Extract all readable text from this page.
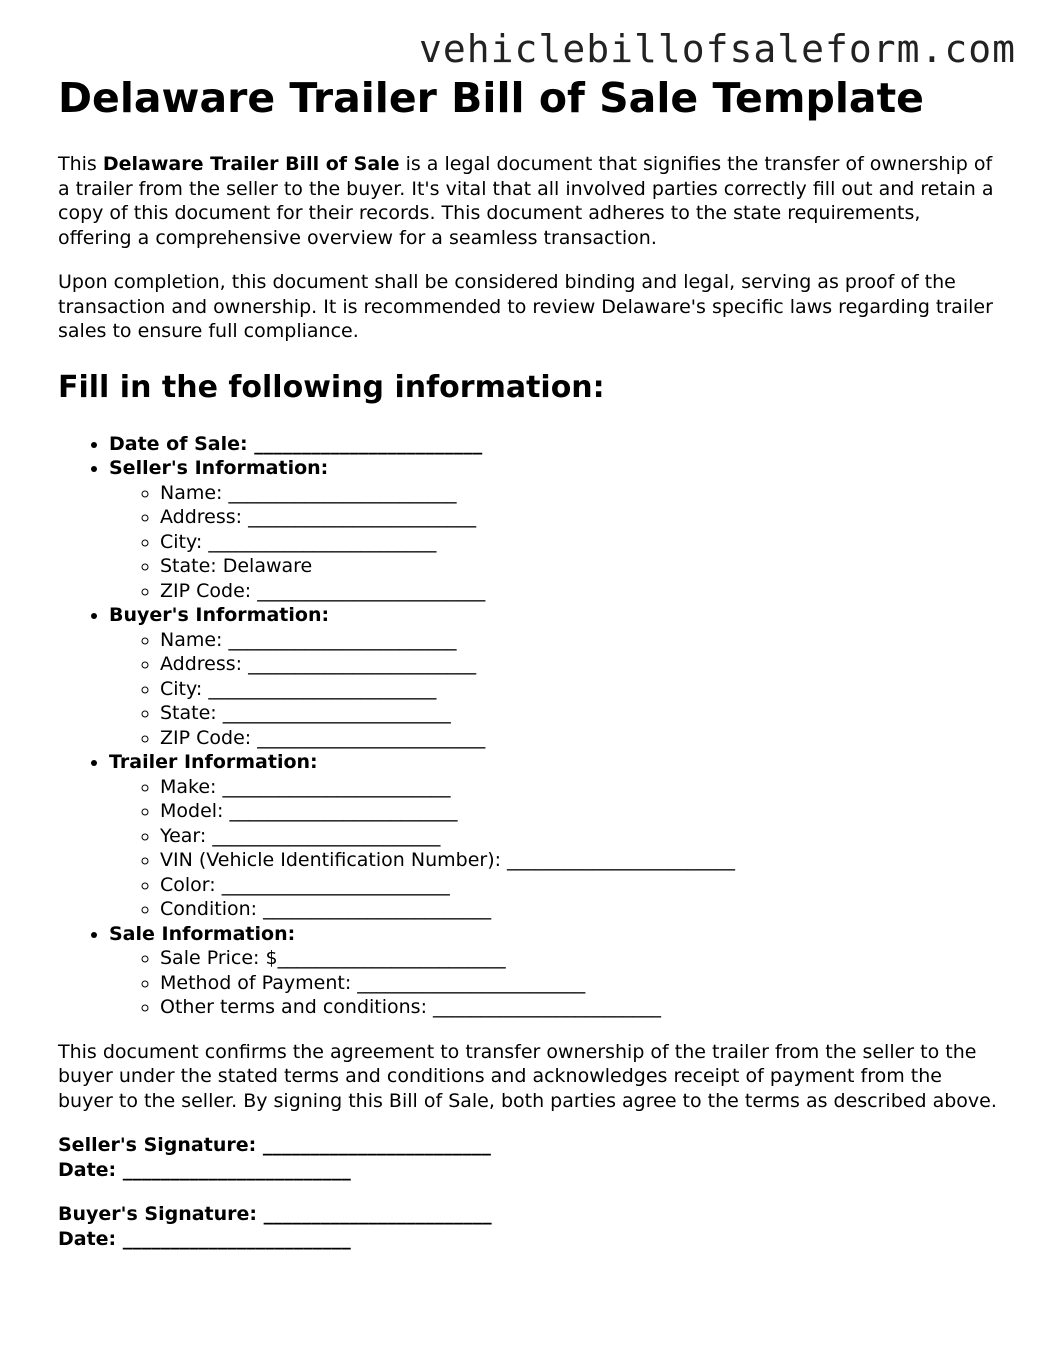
vehiclebillofsaleform.com
Delaware Trailer Bill of Sale Template

This Delaware Trailer Bill of Sale is a legal document that signifies the transfer of ownership of a trailer from the seller to the buyer. It's vital that all involved parties correctly fill out and retain a copy of this document for their records. This document adheres to the state requirements, offering a comprehensive overview for a seamless transaction.

Upon completion, this document shall be considered binding and legal, serving as proof of the transaction and ownership. It is recommended to review Delaware's specific laws regarding trailer sales to ensure full compliance.

Fill in the following information:
• Date of Sale: ________________________
• Seller's Information:
◦ Name: ________________________
◦ Address: ________________________
◦ City: ________________________
◦ State: Delaware
◦ ZIP Code: ________________________
• Buyer's Information:
◦ Name: ________________________
◦ Address: ________________________
◦ City: ________________________
◦ State: ________________________
◦ ZIP Code: ________________________
• Trailer Information:
◦ Make: ________________________
◦ Model: ________________________
◦ Year: ________________________
◦ VIN (Vehicle Identification Number): ________________________
◦ Color: ________________________
◦ Condition: ________________________
• Sale Information:
◦ Sale Price: $________________________
◦ Method of Payment: ________________________
◦ Other terms and conditions: ________________________

This document confirms the agreement to transfer ownership of the trailer from the seller to the buyer under the stated terms and conditions and acknowledges receipt of payment from the buyer to the seller. By signing this Bill of Sale, both parties agree to the terms as described above.

Seller's Signature: ________________________
Date: ________________________

Buyer's Signature: ________________________
Date: ________________________
